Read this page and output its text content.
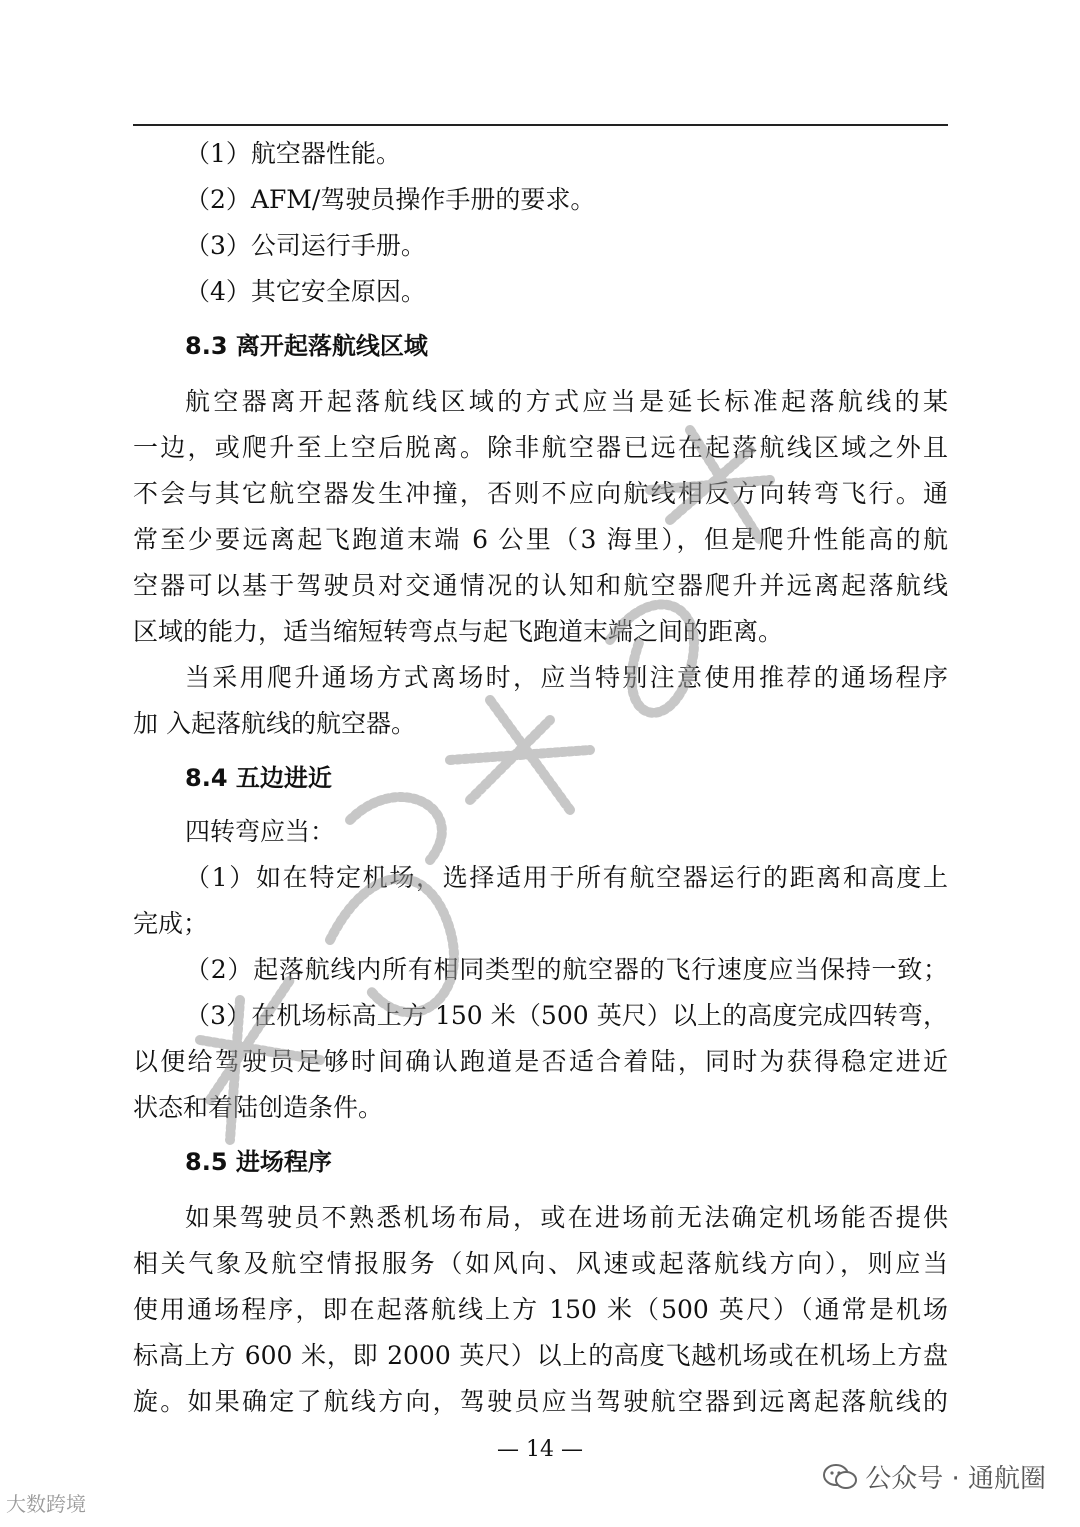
（1）航空器性能。
（2）AFM/驾驶员操作手册的要求。
（3）公司运行手册。
（4）其它安全原因。
8.3 离开起落航线区域
航空器离开起落航线区域的方式应当是延长标准起落航线的某
一边，或爬升至上空后脱离。除非航空器已远在起落航线区域之外且
不会与其它航空器发生冲撞，否则不应向航线相反方向转弯飞行。通
常至少要远离起飞跑道末端 6 公里（3 海里），但是爬升性能高的航
空器可以基于驾驶员对交通情况的认知和航空器爬升并远离起落航线
区域的能力，适当缩短转弯点与起飞跑道末端之间的距离。
当采用爬升通场方式离场时，应当特别注意使用推荐的通场程序
加 入起落航线的航空器。
8.4 五边进近
四转弯应当：
（1）如在特定机场，选择适用于所有航空器运行的距离和高度上
完成；
（2）起落航线内所有相同类型的航空器的飞行速度应当保持一致；
（3）在机场标高上方 150 米（500 英尺）以上的高度完成四转弯，
以便给驾驶员足够时间确认跑道是否适合着陆，同时为获得稳定进近
状态和着陆创造条件。
8.5 进场程序
如果驾驶员不熟悉机场布局，或在进场前无法确定机场能否提供
相关气象及航空情报服务（如风向、风速或起落航线方向），则应当
使用通场程序，即在起落航线上方 150 米（500 英尺）（通常是机场
标高上方 600 米，即 2000 英尺）以上的高度飞越机场或在机场上方盘
旋。如果确定了航线方向，驾驶员应当驾驶航空器到远离起落航线的
— 14 —
公众号 · 通航圈
大数跨境
